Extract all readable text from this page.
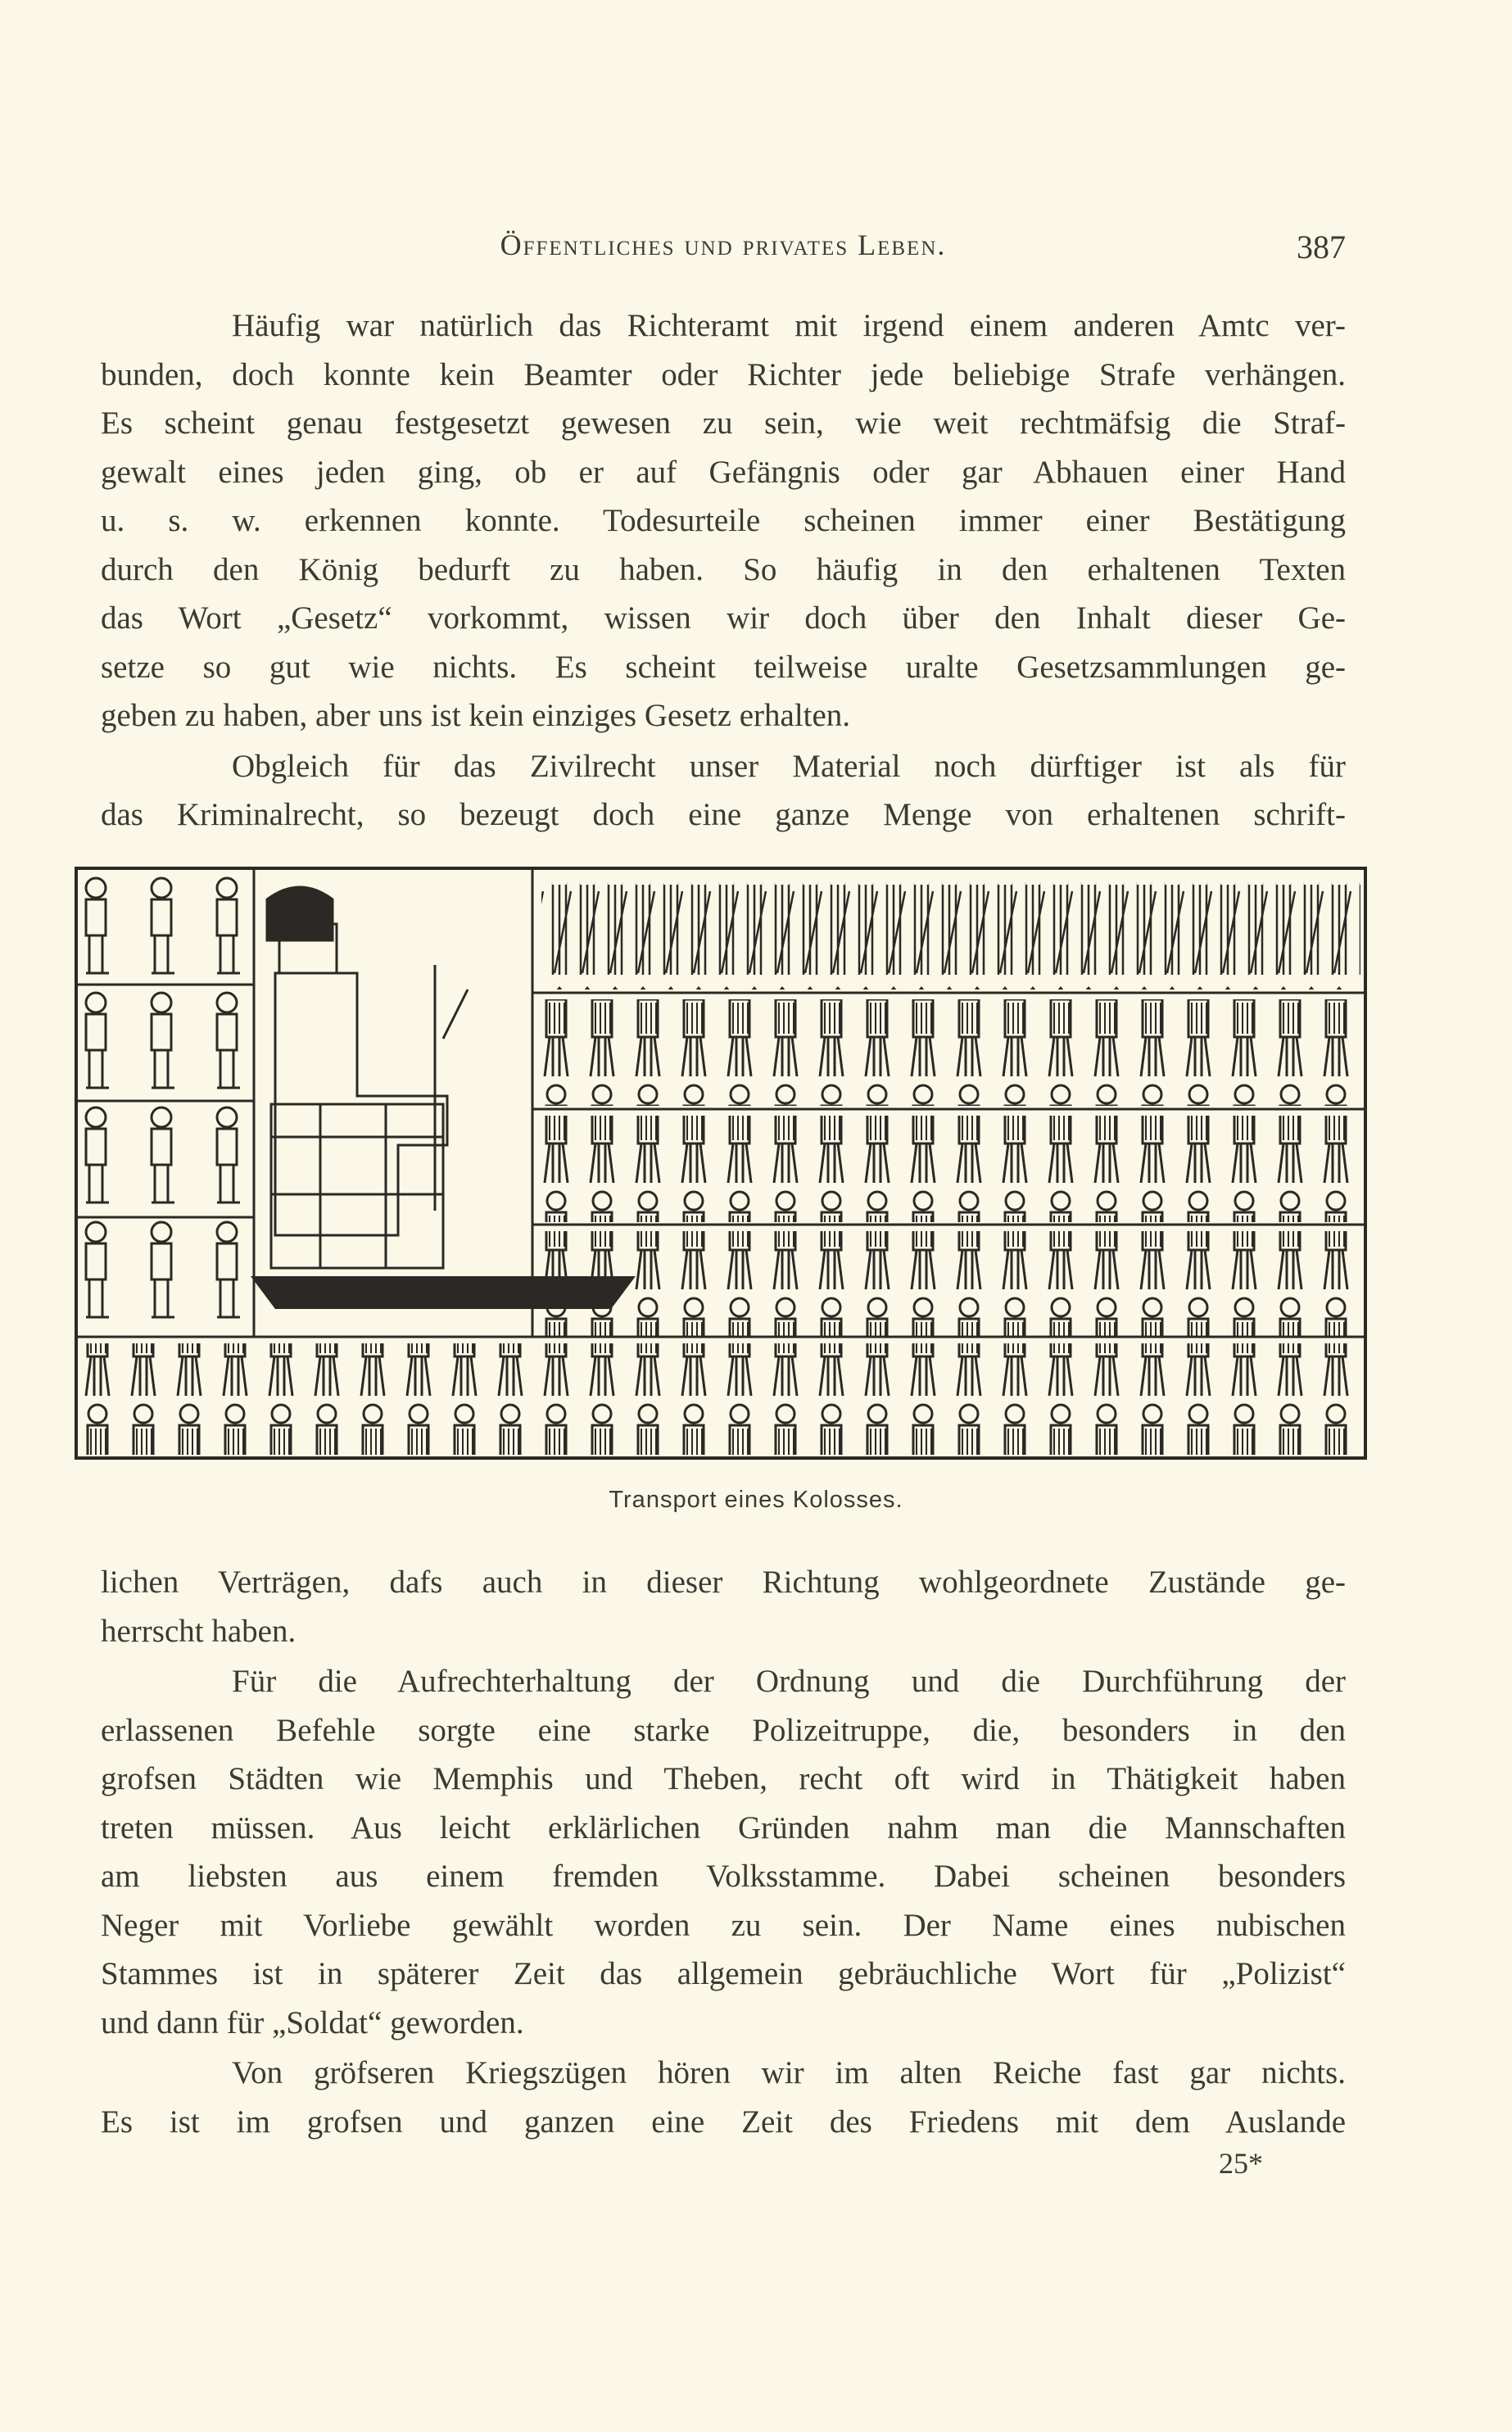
Öffentliches und privates Leben.	387
Häufig war natürlich das Richteramt mit irgend einem anderen Amtc ver-
bunden, doch konnte kein Beamter oder Richter jede beliebige Strafe verhängen.
Es scheint genau festgesetzt gewesen zu sein, wie weit rechtmäfsig die Straf-
gewalt eines jeden ging, ob er auf Gefängnis oder gar Abhauen einer Hand
u. s. w. erkennen konnte. Todesurteile scheinen immer einer Bestätigung
durch den König bedurft zu haben. So häufig in den erhaltenen Texten
das Wort „Gesetz“ vorkommt, wissen wir doch über den Inhalt dieser Ge-
setze so gut wie nichts. Es scheint teilweise uralte Gesetzsammlungen ge-
geben zu haben, aber uns ist kein einziges Gesetz erhalten.
Obgleich für das Zivilrecht unser Material noch dürftiger ist als für
das Kriminalrecht, so bezeugt doch eine ganze Menge von erhaltenen schrift-
Transport eines Kolosses.
lichen Verträgen, dafs auch in dieser Richtung wohlgeordnete Zustände ge-
herrscht haben.
Für die Aufrechterhaltung der Ordnung und die Durchführung der
erlassenen Befehle sorgte eine starke Polizeitruppe, die, besonders in den
grofsen Städten wie Memphis und Theben, recht oft wird in Thätigkeit haben
treten müssen. Aus leicht erklärlichen Gründen nahm man die Mannschaften
am liebsten aus einem fremden Volksstamme. Dabei scheinen besonders
Neger mit Vorliebe gewählt worden zu sein. Der Name eines nubischen
Stammes ist in späterer Zeit das allgemein gebräuchliche Wort für „Polizist“
und dann für „Soldat“ geworden.
Von gröfseren Kriegszügen hören wir im alten Reiche fast gar nichts.
Es ist im grofsen und ganzen eine Zeit des Friedens mit dem Auslande
25*
